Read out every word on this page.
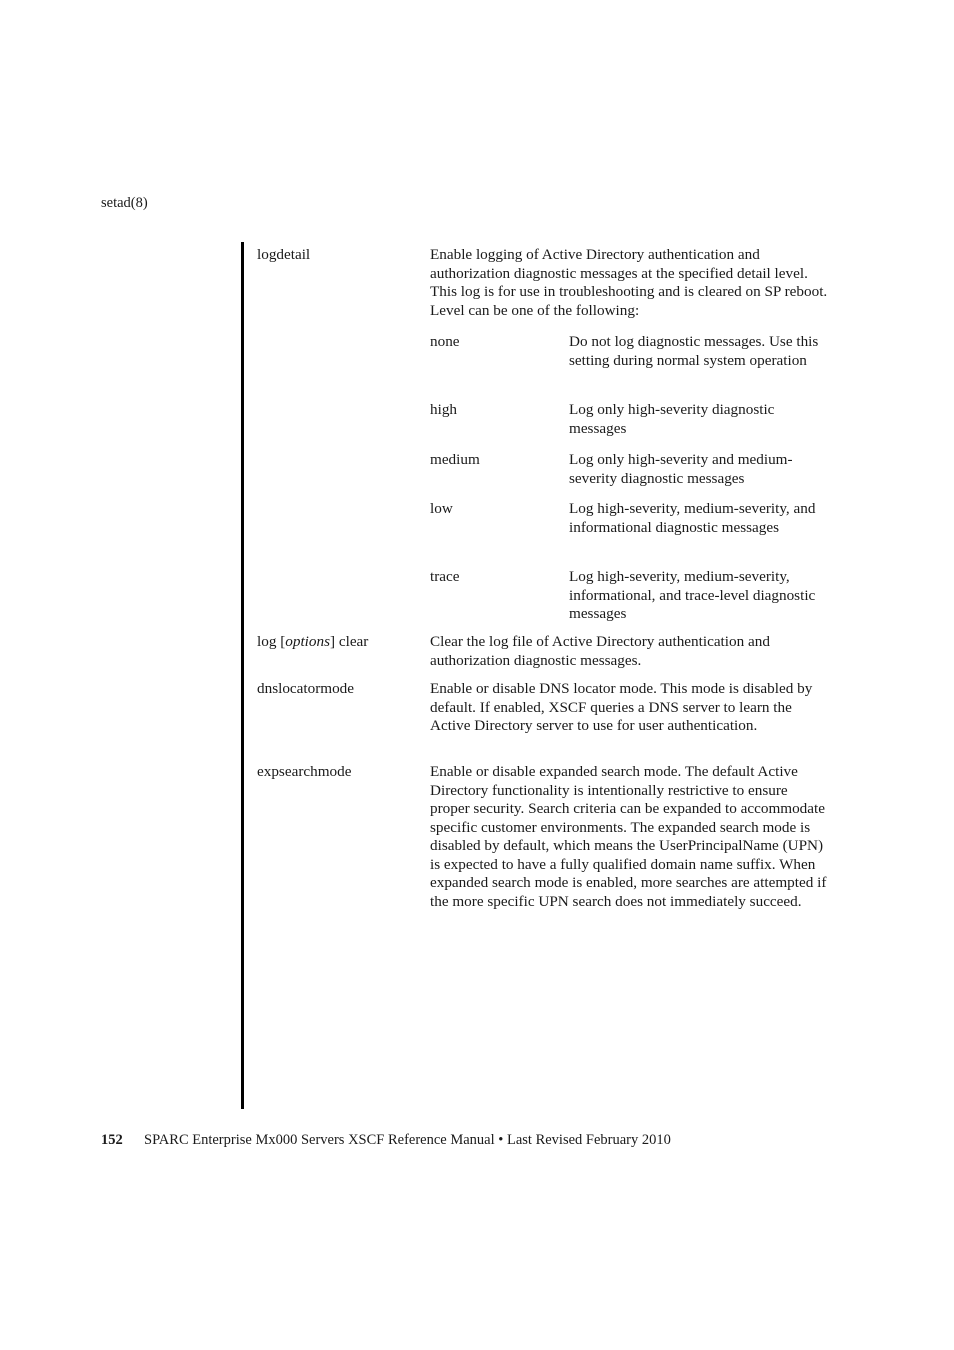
setad(8)
logdetail	Enable logging of Active Directory authentication and authorization diagnostic messages at the specified detail level. This log is for use in troubleshooting and is cleared on SP reboot. Level can be one of the following:
none	Do not log diagnostic messages. Use this setting during normal system operation
high	Log only high-severity diagnostic messages
medium	Log only high-severity and medium-severity diagnostic messages
low	Log high-severity, medium-severity, and informational diagnostic messages
trace	Log high-severity, medium-severity, informational, and trace-level diagnostic messages
log [options] clear	Clear the log file of Active Directory authentication and authorization diagnostic messages.
dnslocatormode	Enable or disable DNS locator mode. This mode is disabled by default. If enabled, XSCF queries a DNS server to learn the Active Directory server to use for user authentication.
expsearchmode	Enable or disable expanded search mode. The default Active Directory functionality is intentionally restrictive to ensure proper security. Search criteria can be expanded to accommodate specific customer environments. The expanded search mode is disabled by default, which means the UserPrincipalName (UPN) is expected to have a fully qualified domain name suffix. When expanded search mode is enabled, more searches are attempted if the more specific UPN search does not immediately succeed.
152 SPARC Enterprise Mx000 Servers XSCF Reference Manual • Last Revised February 2010
